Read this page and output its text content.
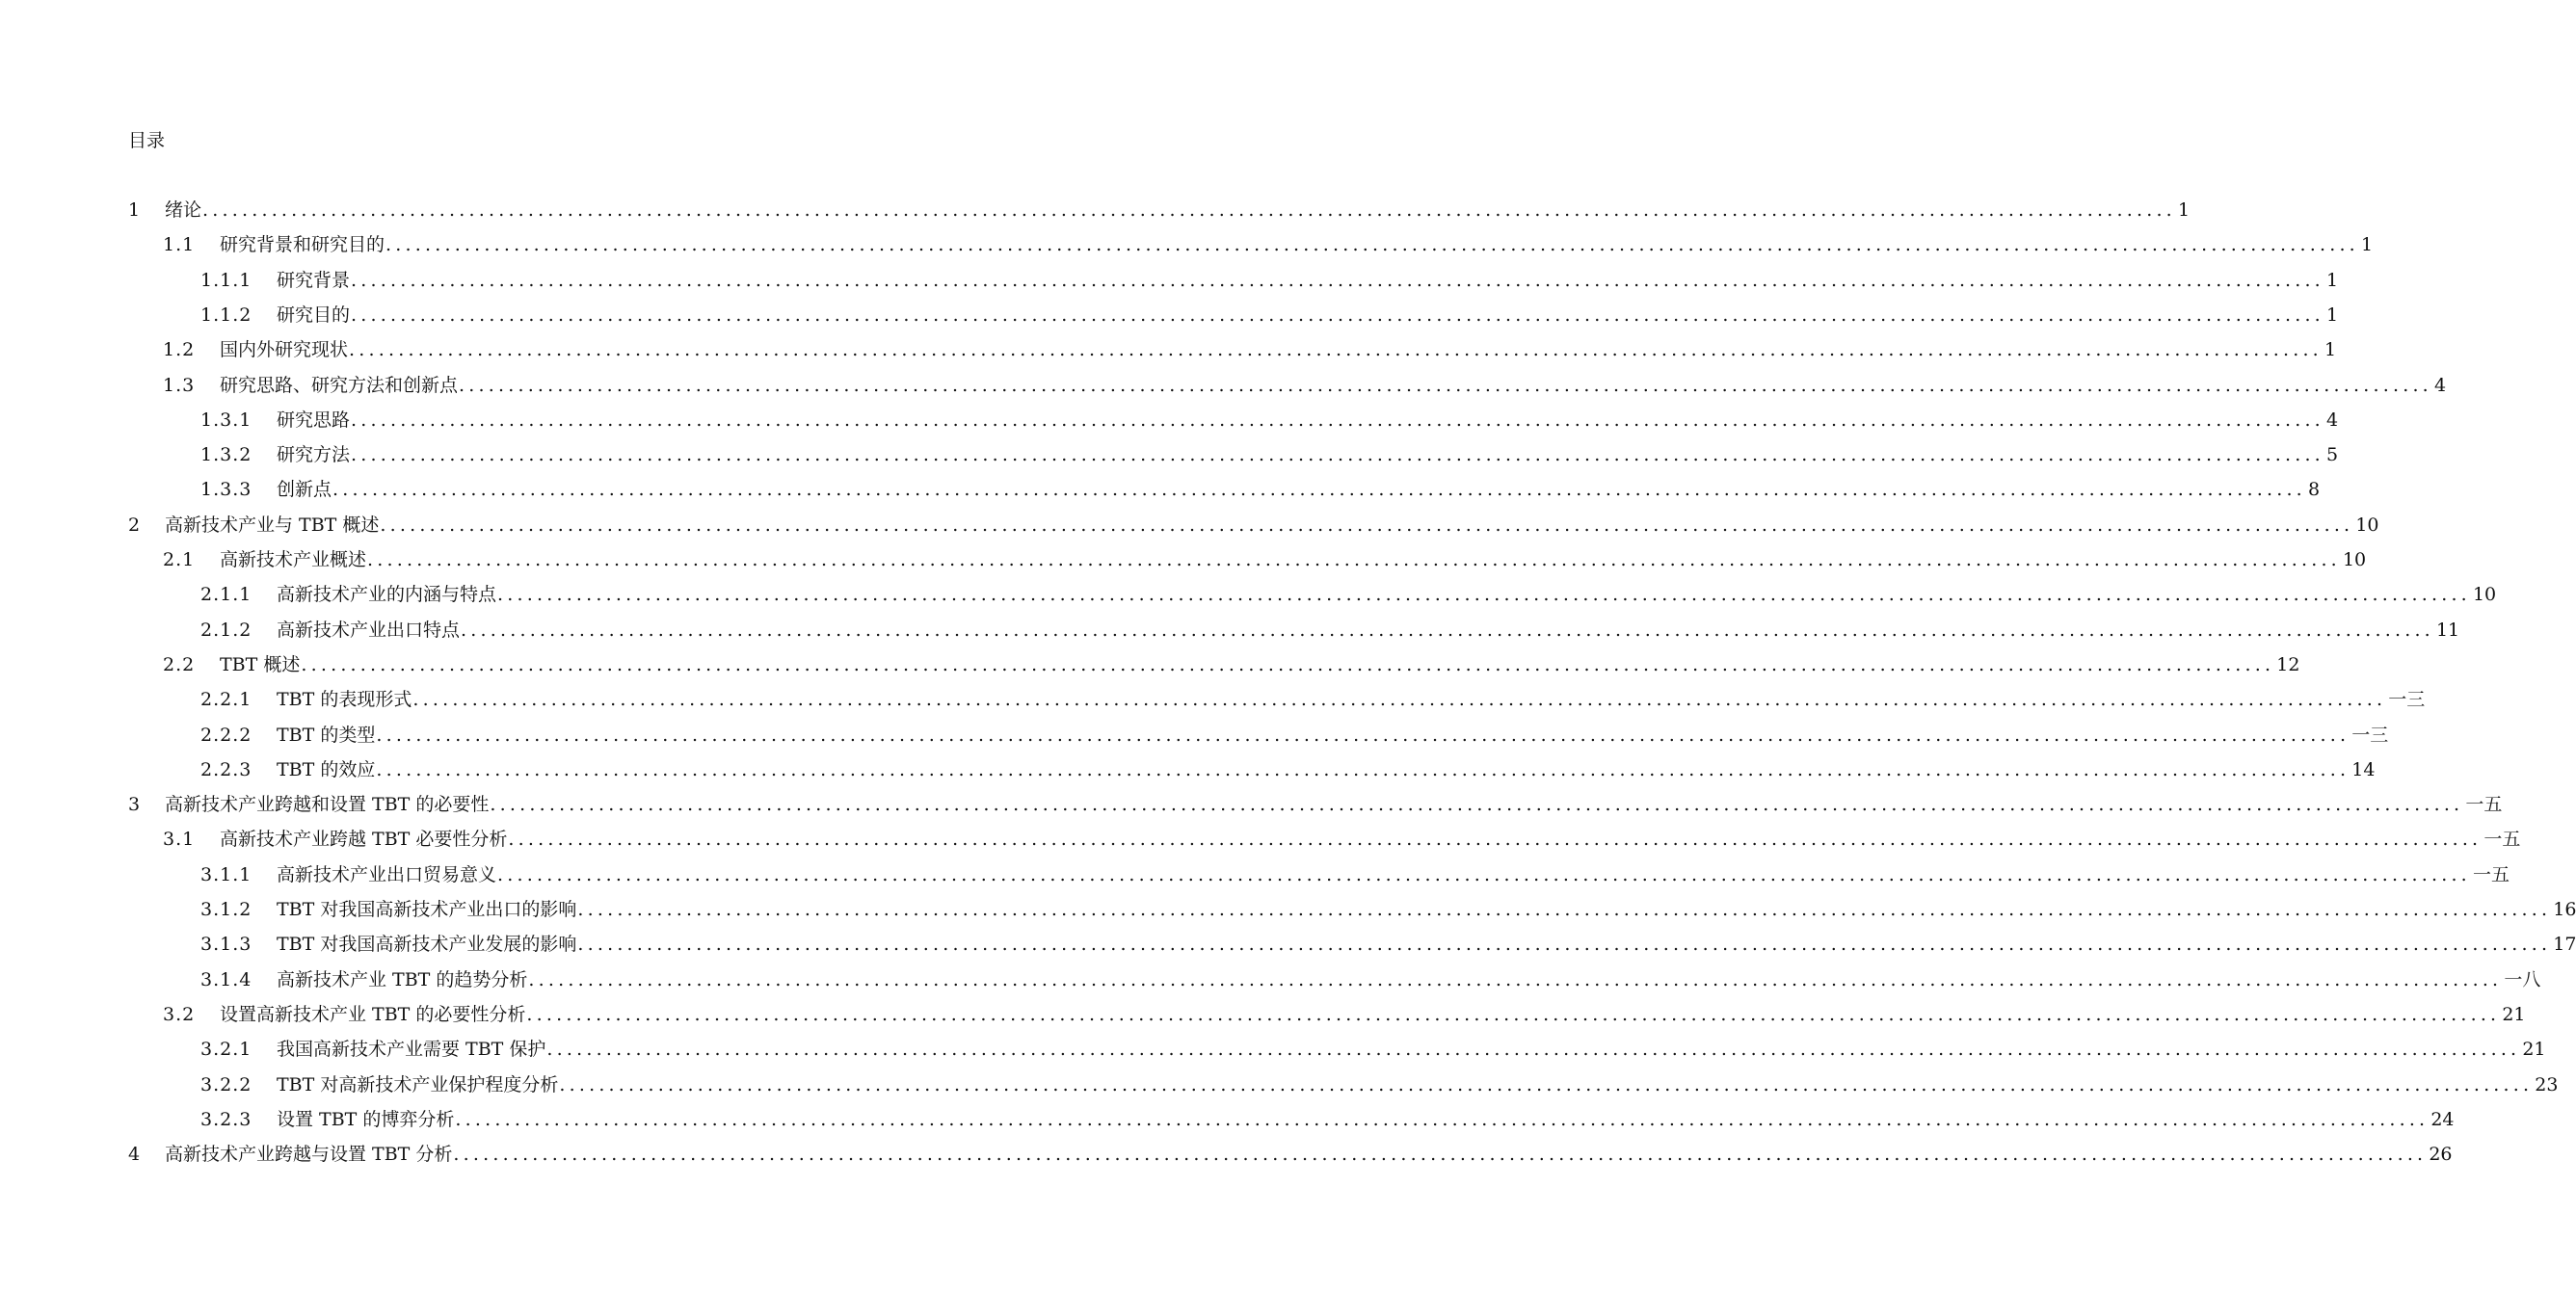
目录
1	绪论 ........................................................................................................................................................................................................ 1
1.1	研究背景和研究目的 ........................................................................................................................................................................................................ 1
1.1.1	研究背景 ........................................................................................................................................................................................................ 1
1.1.2	研究目的 ........................................................................................................................................................................................................ 1
1.2	国内外研究现状 ........................................................................................................................................................................................................ 1
1.3	研究思路、研究方法和创新点 ........................................................................................................................................................................................................ 4
1.3.1	研究思路 ........................................................................................................................................................................................................ 4
1.3.2	研究方法 ........................................................................................................................................................................................................ 5
1.3.3	创新点 ........................................................................................................................................................................................................ 8
2	高新技术产业与 TBT 概述 ........................................................................................................................................................................................................ 10
2.1	高新技术产业概述 ........................................................................................................................................................................................................ 10
2.1.1	高新技术产业的内涵与特点 ........................................................................................................................................................................................................ 10
2.1.2	高新技术产业出口特点 ........................................................................................................................................................................................................ 11
2.2	TBT 概述 ........................................................................................................................................................................................................ 12
2.2.1	TBT 的表现形式 ........................................................................................................................................................................................................ 一三
2.2.2	TBT 的类型 ........................................................................................................................................................................................................ 一三
2.2.3	TBT 的效应 ........................................................................................................................................................................................................ 14
3	高新技术产业跨越和设置 TBT 的必要性 ........................................................................................................................................................................................................ 一五
3.1	高新技术产业跨越 TBT 必要性分析 ........................................................................................................................................................................................................ 一五
3.1.1	高新技术产业出口贸易意义 ........................................................................................................................................................................................................ 一五
3.1.2	TBT 对我国高新技术产业出口的影响 ........................................................................................................................................................................................................ 16
3.1.3	TBT 对我国高新技术产业发展的影响 ........................................................................................................................................................................................................ 17
3.1.4	高新技术产业 TBT 的趋势分析 ........................................................................................................................................................................................................ 一八
3.2	设置高新技术产业 TBT 的必要性分析 ........................................................................................................................................................................................................ 21
3.2.1	我国高新技术产业需要 TBT 保护 ........................................................................................................................................................................................................ 21
3.2.2	TBT 对高新技术产业保护程度分析 ........................................................................................................................................................................................................ 23
3.2.3	设置 TBT 的博弈分析 ........................................................................................................................................................................................................ 24
4	高新技术产业跨越与设置 TBT 分析 ........................................................................................................................................................................................................ 26
